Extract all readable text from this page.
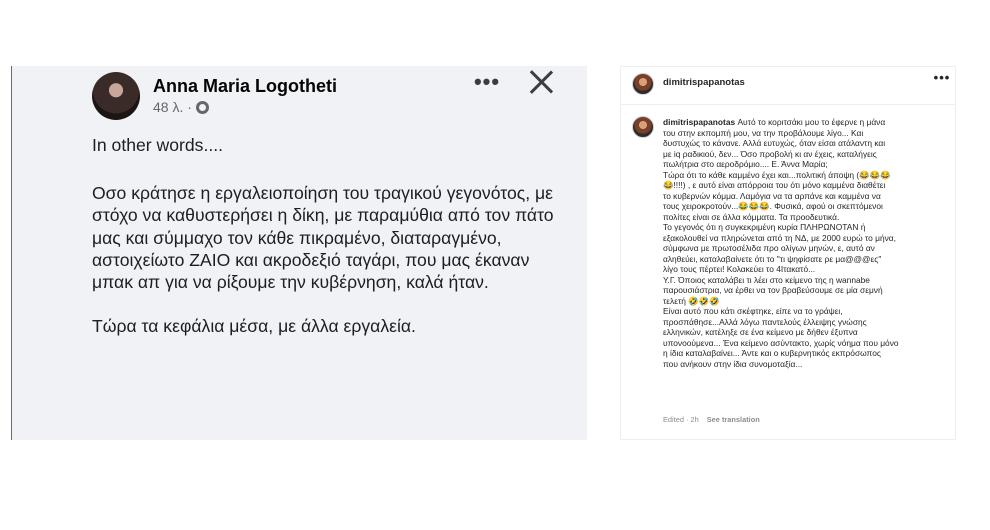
Anna Maria Logotheti
48 λ. ·
•••

In other words....

Οσο κράτησε η εργαλειοποίηση του τραγικού γεγονότος, με στόχο να καθυστερήσει η δίκη, με παραμύθια από τον πάτο μας και σύμμαχο τον κάθε πικραμένο, διαταραγμένο, αστοιχείωτο ΖΑΙΟ και ακροδεξιό ταγάρι, που μας έκαναν μπακ απ για να ρίξουμε την κυβέρνηση, καλά ήταν.

Τώρα τα κεφάλια μέσα, με άλλα εργαλεία.

dimitrispapanotas	•••

dimitrispapanotas Αυτό το κοριτσάκι μου το έφερνε η μάνα

του στην εκπομπή μου, να την προβάλουμε λίγο... Και

δυστυχώς το κάνανε. Αλλά ευτυχώς, όταν είσαι ατάλαντη και

με iq ραδικιού, δεν... Όσο προβολή κι αν έχεις, καταλήγεις

πωλήτρια στο αεροδρόμιο.... Ε. Άννα Μαρία;

Τώρα ότι το κάθε καμμένο έχει και...πολιτική άποψη (😂😂😂

😂!!!!) , ε αυτό είναι απόρροια του ότι μόνο καμμένα διαθέτει

το κυβερνών κόμμα. Λαμόγια να τα αρπάνε και καμμένα να

τους χειροκροτούν...😂😂😂. Φυσικά, αφού οι σκεπτόμενοι

πολίτες είναι σε άλλα κόμματα. Τα προοδευτικά.

Το γεγονός ότι η συγκεκριμένη κυρία ΠΛΗΡΩΝΟΤΑΝ ή

εξακολουθεί να πληρώνεται από τη ΝΔ, με 2000 ευρώ το μήνα,

σύμφωνα με πρωτοσέλιδα προ ολίγων μηνών, ε, αυτό αν

αληθεύει, καταλαβαίνετε ότι το "τι ψηφίσατε ρε μα@@@ες"

λίγο τους πέρτει! Κολακεύει το 4Ιτακατό...

Υ.Γ. Όποιος καταλάβει τι λέει στο κείμενο της η wannabe

παρουσιάστρια, να έρθει να τον βραβεύσουμε σε μία σεμνή

τελετή 🤣🤣🤣

Είναι αυτό που κάτι σκέφτηκε, είπε να το γράψει,

προσπάθησε...Αλλά λόγω παντελούς έλλειψης γνώσης

ελληνικών, κατέληξε σε ένα κείμενο με δήθεν έξυπνα

υπονοούμενα... Ένα κείμενο ασύντακτο, χωρίς νόημα που μόνο

η ίδια καταλαβαίνει... Άντε και ο κυβερνητικός εκπρόσωπος

που ανήκουν στην ίδια συνομοταξία...

Edited · 2h See translation
